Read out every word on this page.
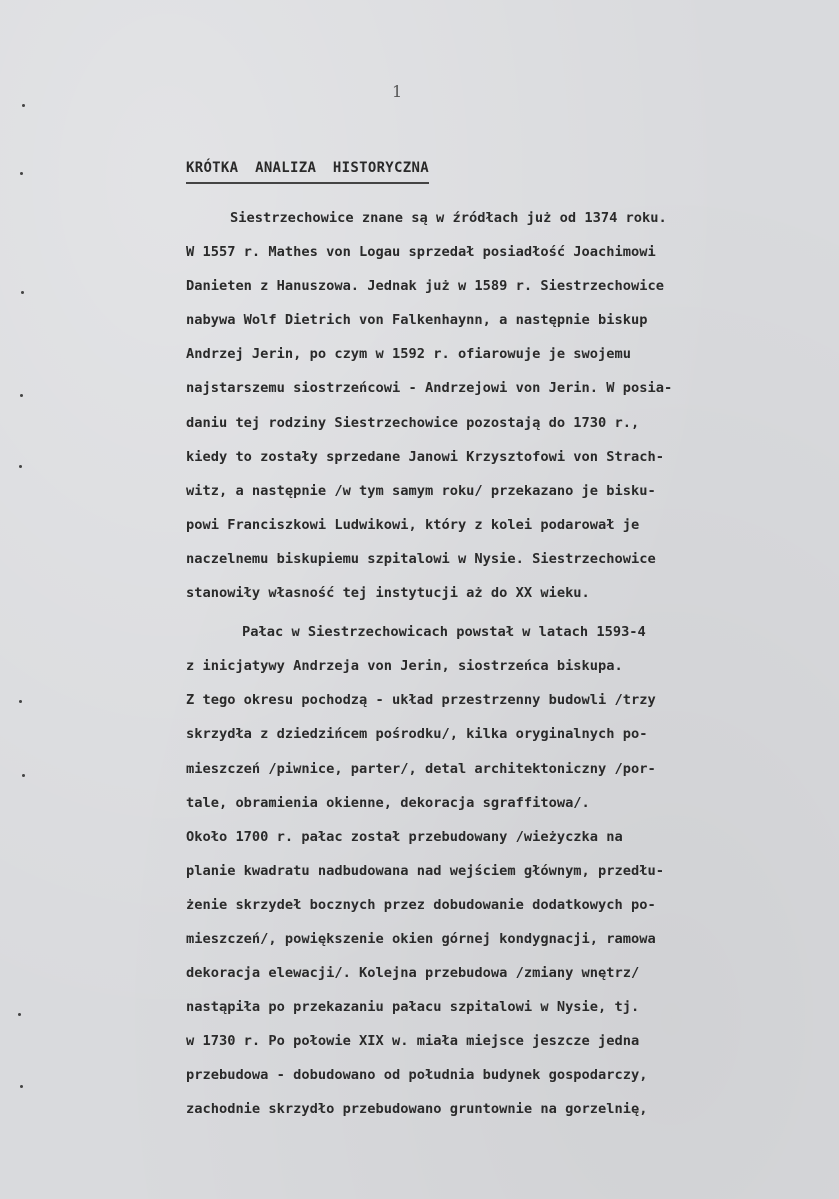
1
KRÓTKA ANALIZA HISTORYCZNA
Siestrzechowice znane są w źródłach już od 1374 roku.
W 1557 r. Mathes von Logau sprzedał posiadłość Joachimowi
Danieten z Hanuszowa. Jednak już w 1589 r. Siestrzechowice
nabywa Wolf Dietrich von Falkenhaynn, a następnie biskup
Andrzej Jerin, po czym w 1592 r. ofiarowuje je swojemu
najstarszemu siostrzeńcowi - Andrzejowi von Jerin. W posia-
daniu tej rodziny Siestrzechowice pozostają do 1730 r.,
kiedy to zostały sprzedane Janowi Krzysztofowi von Strach-
witz, a następnie /w tym samym roku/ przekazano je bisku-
powi Franciszkowi Ludwikowi, który z kolei podarował je
naczelnemu biskupiemu szpitalowi w Nysie. Siestrzechowice
stanowiły własność tej instytucji aż do XX wieku.
Pałac w Siestrzechowicach powstał w latach 1593-4
z inicjatywy Andrzeja von Jerin, siostrzeńca biskupa.
Z tego okresu pochodzą - układ przestrzenny budowli /trzy
skrzydła z dziedzińcem pośrodku/, kilka oryginalnych po-
mieszczeń /piwnice, parter/, detal architektoniczny /por-
tale, obramienia okienne, dekoracja sgraffitowa/.
Około 1700 r. pałac został przebudowany /wieżyczka na
planie kwadratu nadbudowana nad wejściem głównym, przedłu-
żenie skrzydeł bocznych przez dobudowanie dodatkowych po-
mieszczeń/, powiększenie okien górnej kondygnacji, ramowa
dekoracja elewacji/. Kolejna przebudowa /zmiany wnętrz/
nastąpiła po przekazaniu pałacu szpitalowi w Nysie, tj.
w 1730 r. Po połowie XIX w. miała miejsce jeszcze jedna
przebudowa - dobudowano od południa budynek gospodarczy,
zachodnie skrzydło przebudowano gruntownie na gorzelnię,
